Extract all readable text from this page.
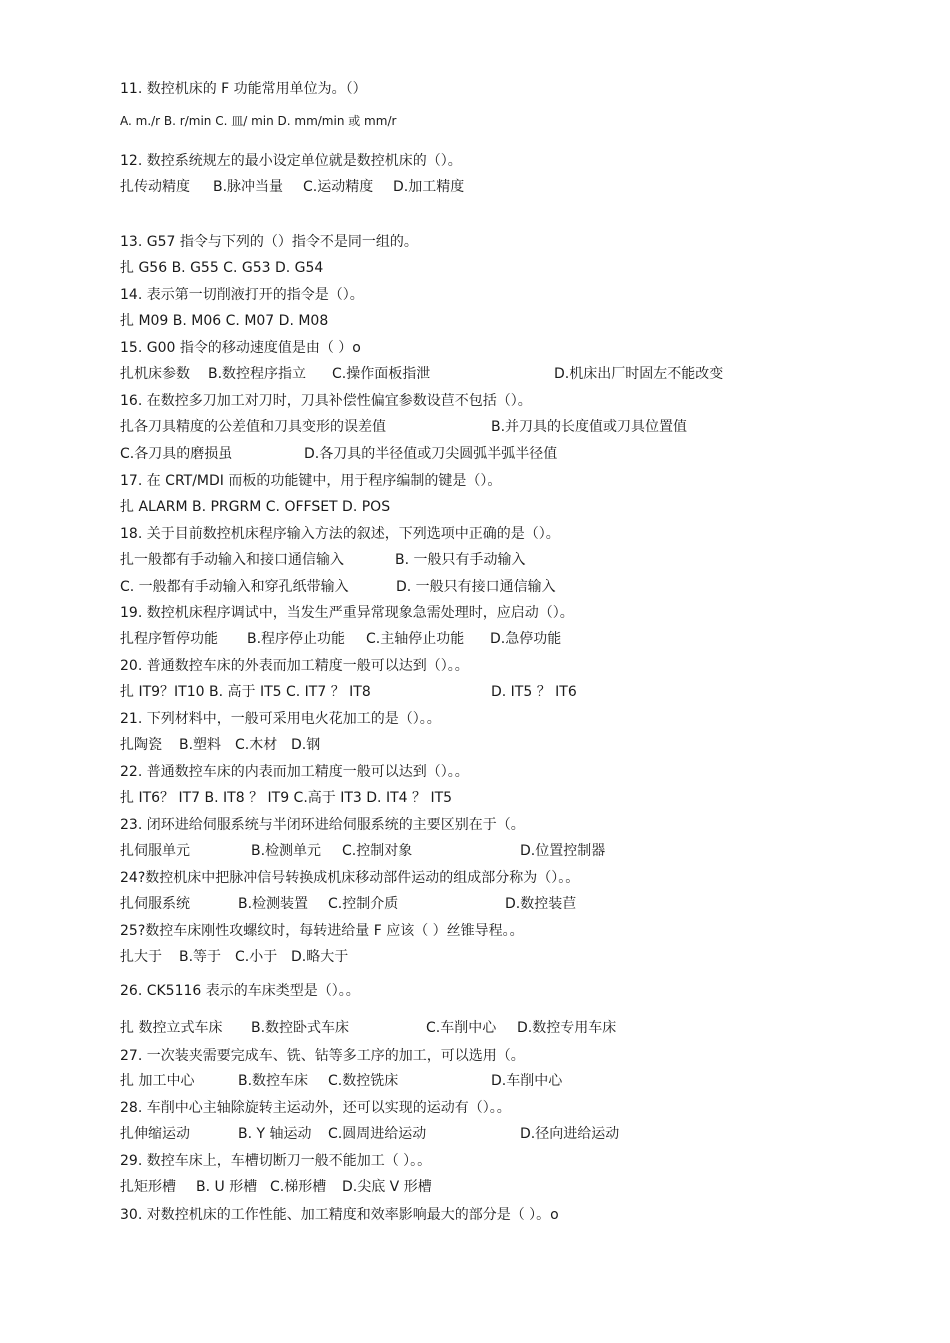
11. 数控机床的 F 功能常用单位为。（）
A. m./r B. r/min C. 皿/ min D. mm/min 或 mm/r
12. 数控系统规左的最小设定单位就是数控机床的（）。
扎传动精度 B.脉冲当量 C.运动精度 D.加工精度
13. G57 指令与下列的（）指令不是同一组的。
扎 G56 B. G55 C. G53 D. G54
14. 表示第一切削液打开的指令是（）。
扎 M09 B. M06 C. M07 D. M08
15. G00 指令的移动速度值是由（ ）o
扎机床参数 B.数控程序指立 C.操作面板指泄	D.机床出厂时固左不能改变
16. 在数控多刀加工对刀时，刀具补偿性偏宜参数设苣不包括（）。
扎各刀具精度的公差值和刀具变形的误差值	B.并刀具的长度值或刀具位置值
C.各刀具的磨损虽	D.各刀具的半径值或刀尖圆弧半弧半径值
17. 在 CRT/MDI 而板的功能键中，用于程序编制的键是（）。
扎 ALARM B. PRGRM C. OFFSET D. POS
18. 关于目前数控机床程序输入方法的叙述，下列选项中正确的是（）。
扎一般都有手动输入和接口通信输入	B. 一般只有手动输入
C. 一般都有手动输入和穿孔纸带输入	D. 一般只有接口通信输入
19. 数控机床程序调试中，当发生严重异常现象急需处理时，应启动（）。
扎程序暂停功能 B.程序停止功能 C.主轴停止功能 D.急停功能
20. 普通数控车床的外表而加工精度一般可以达到（）。。
扎 IT9？IT10 B. 高于 IT5 C. IT7 ？ IT8	D. IT5 ？ IT6
21. 下列材料中，一般可采用电火花加工的是（）。。
扎陶瓷 B.塑料 C.木材 D.钢
22. 普通数控车床的内表而加工精度一般可以达到（）。。
扎 IT6？ IT7 B. IT8 ？ IT9 C.高于 IT3 D. IT4 ？ IT5
23. 闭环进给伺服系统与半闭环进给伺服系统的主要区别在于（。
扎伺服单元	B.检测单元 C.控制对象	D.位置控制器
24?数控机床中把脉冲信号转换成机床移动部件运动的组成部分称为（）。。
扎伺服系统	B.检测装置 C.控制介质	D.数控装苣
25?数控车床刚性攻螺纹时，每转进给量 F 应该（ ）丝锥导程。。
扎大于 B.等于 C.小于 D.略大于
26. CK5116 表示的车床类型是（）。。
扎 数控立式车床 B.数控卧式车床	C.车削中心 D.数控专用车床
27. 一次装夹需要完成车、铣、钻等多工序的加工，可以选用（。
扎 加工中心	B.数控车床 C.数控铣床	D.车削中心
28. 车削中心主轴除旋转主运动外，还可以实现的运动有（）。。
扎伸缩运动	B. Y 轴运动 C.圆周进给运动	D.径向进给运动
29. 数控车床上，车槽切断刀一般不能加工（ ）。。
扎矩形槽 B. U 形槽 C.梯形槽 D.尖底 V 形槽
30. 对数控机床的工作性能、加工精度和效率影响最大的部分是（ ）。o
